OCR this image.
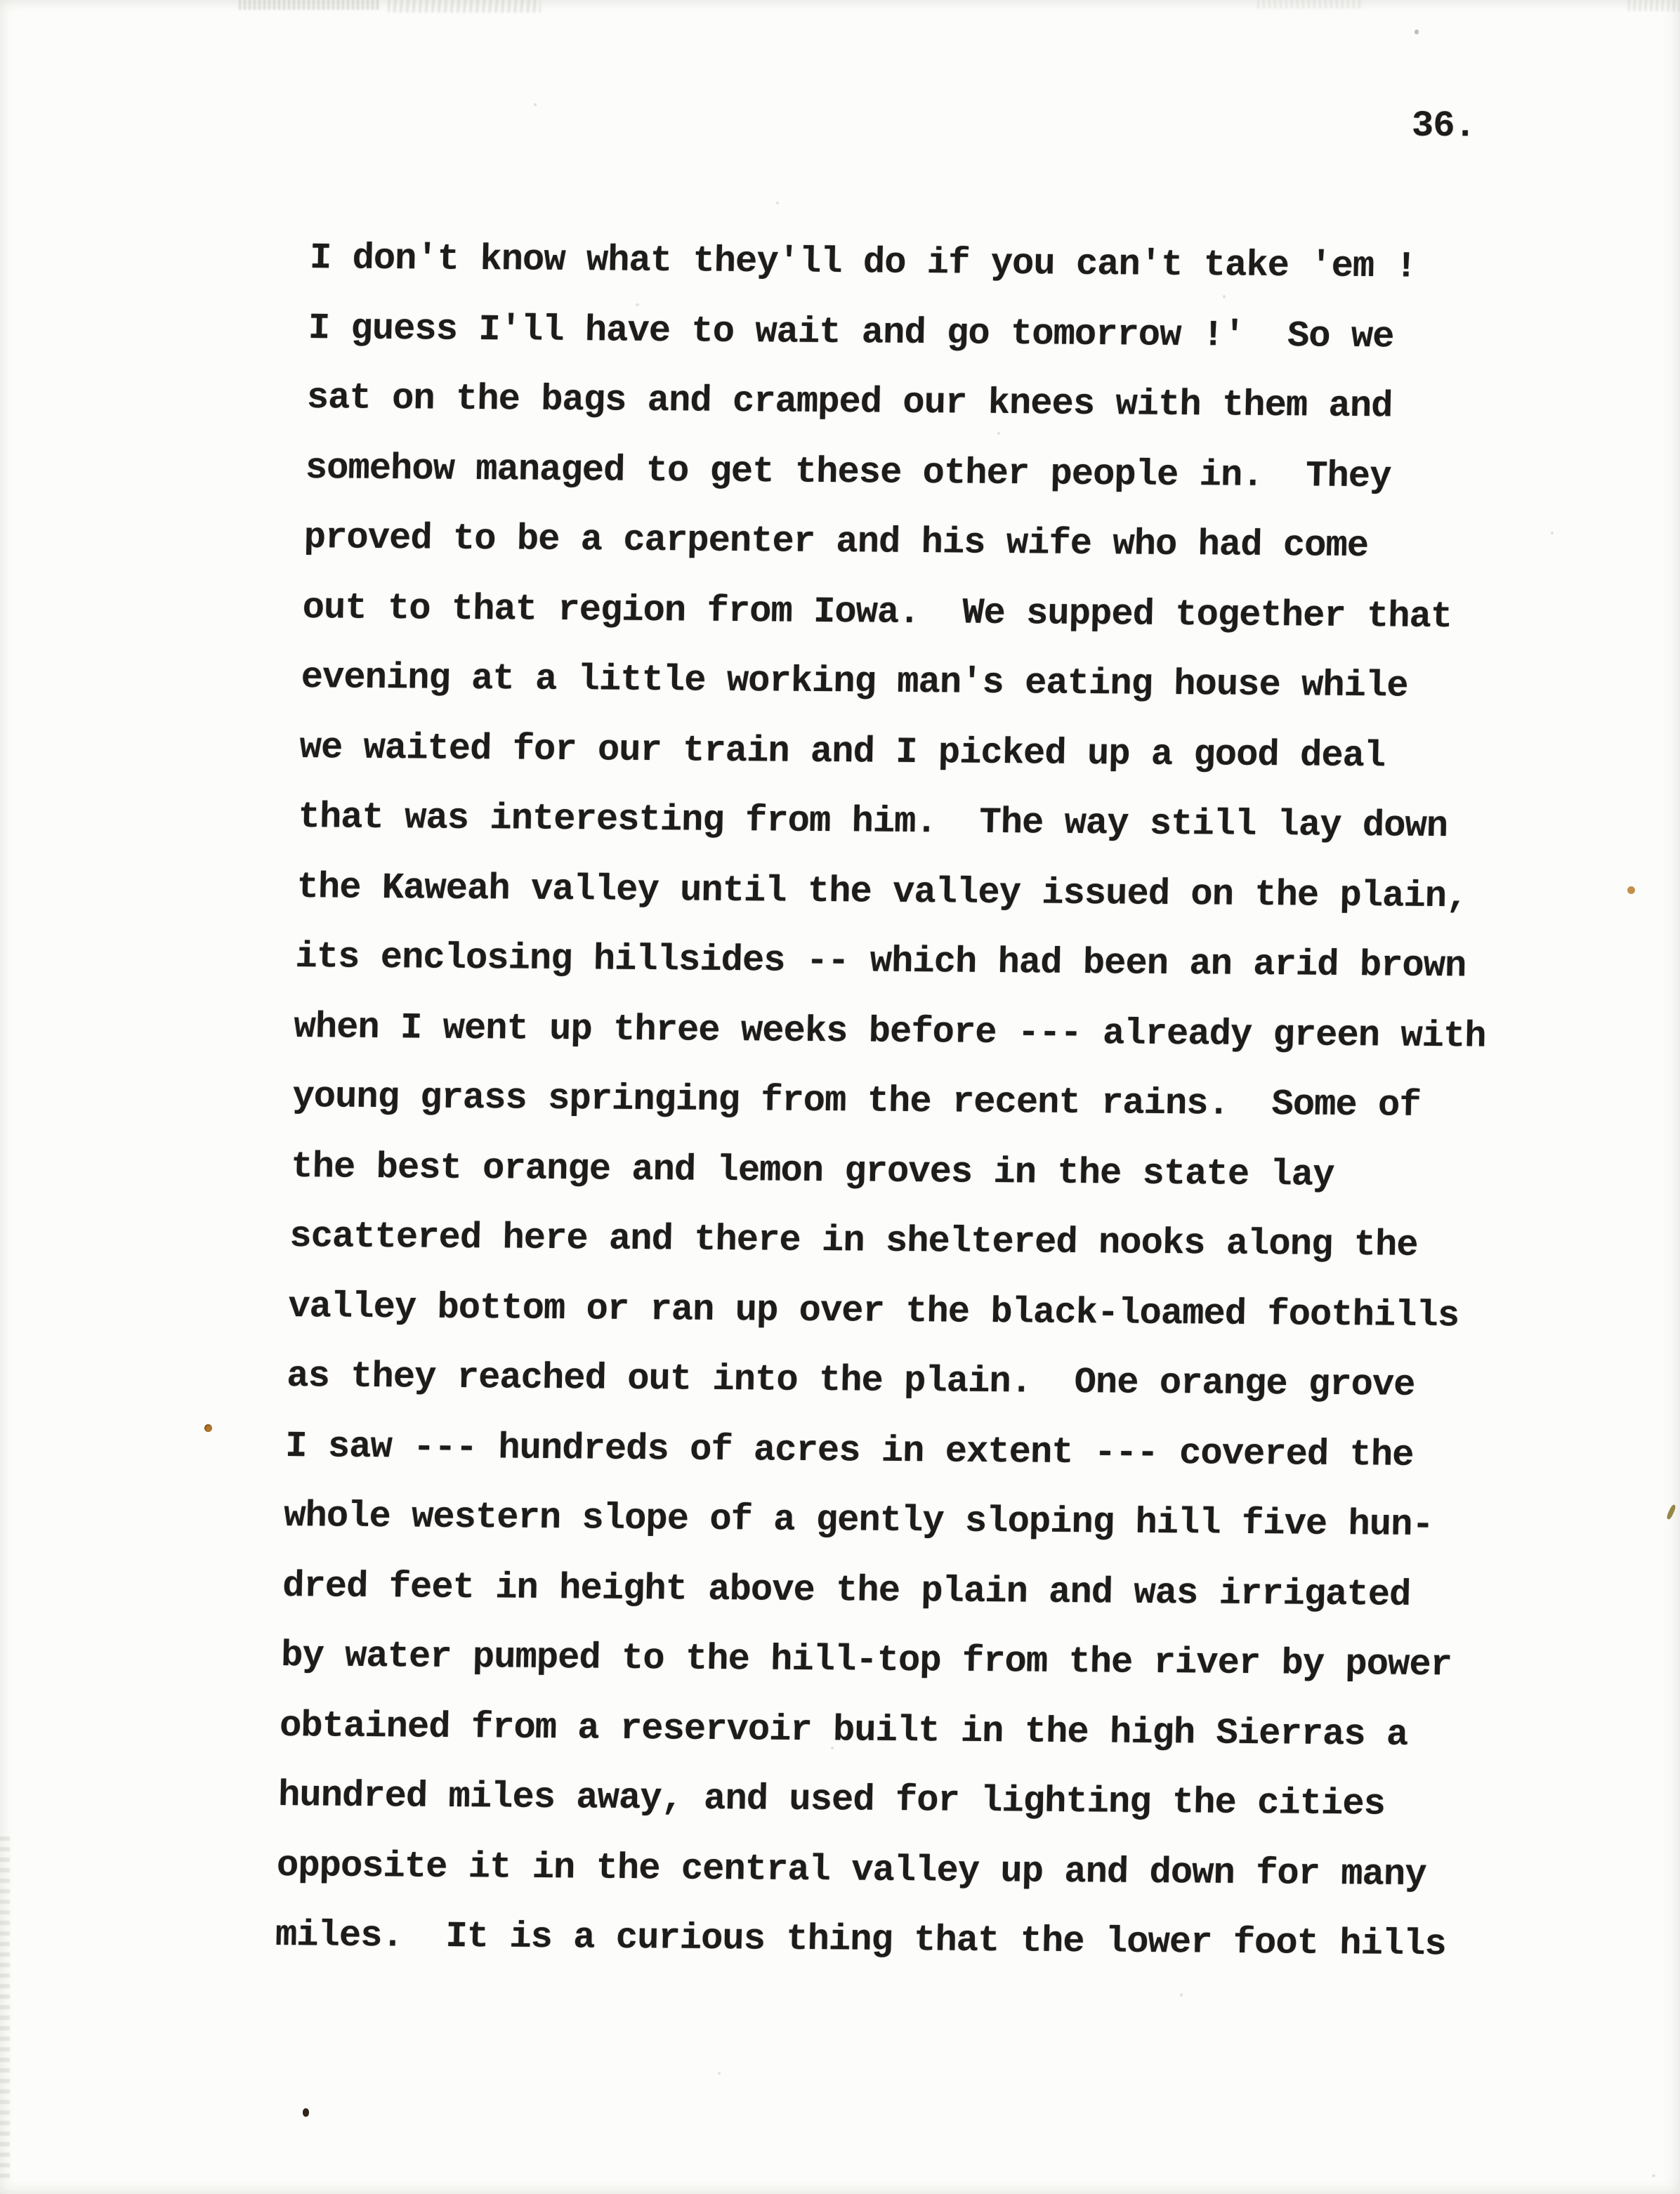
36.
I don't know what they'll do if you can't take 'em !
I guess I'll have to wait and go tomorrow !'  So we
sat on the bags and cramped our knees with them and
somehow managed to get these other people in.  They
proved to be a carpenter and his wife who had come
out to that region from Iowa.  We supped together that
evening at a little working man's eating house while
we waited for our train and I picked up a good deal
that was interesting from him.  The way still lay down
the Kaweah valley until the valley issued on the plain,
its enclosing hillsides -- which had been an arid brown
when I went up three weeks before --- already green with
young grass springing from the recent rains.  Some of
the best orange and lemon groves in the state lay
scattered here and there in sheltered nooks along the
valley bottom or ran up over the black-loamed foothills
as they reached out into the plain.  One orange grove
I saw --- hundreds of acres in extent --- covered the
whole western slope of a gently sloping hill five hun-
dred feet in height above the plain and was irrigated
by water pumped to the hill-top from the river by power
obtained from a reservoir built in the high Sierras a
hundred miles away, and used for lighting the cities
opposite it in the central valley up and down for many
miles.  It is a curious thing that the lower foot hills
